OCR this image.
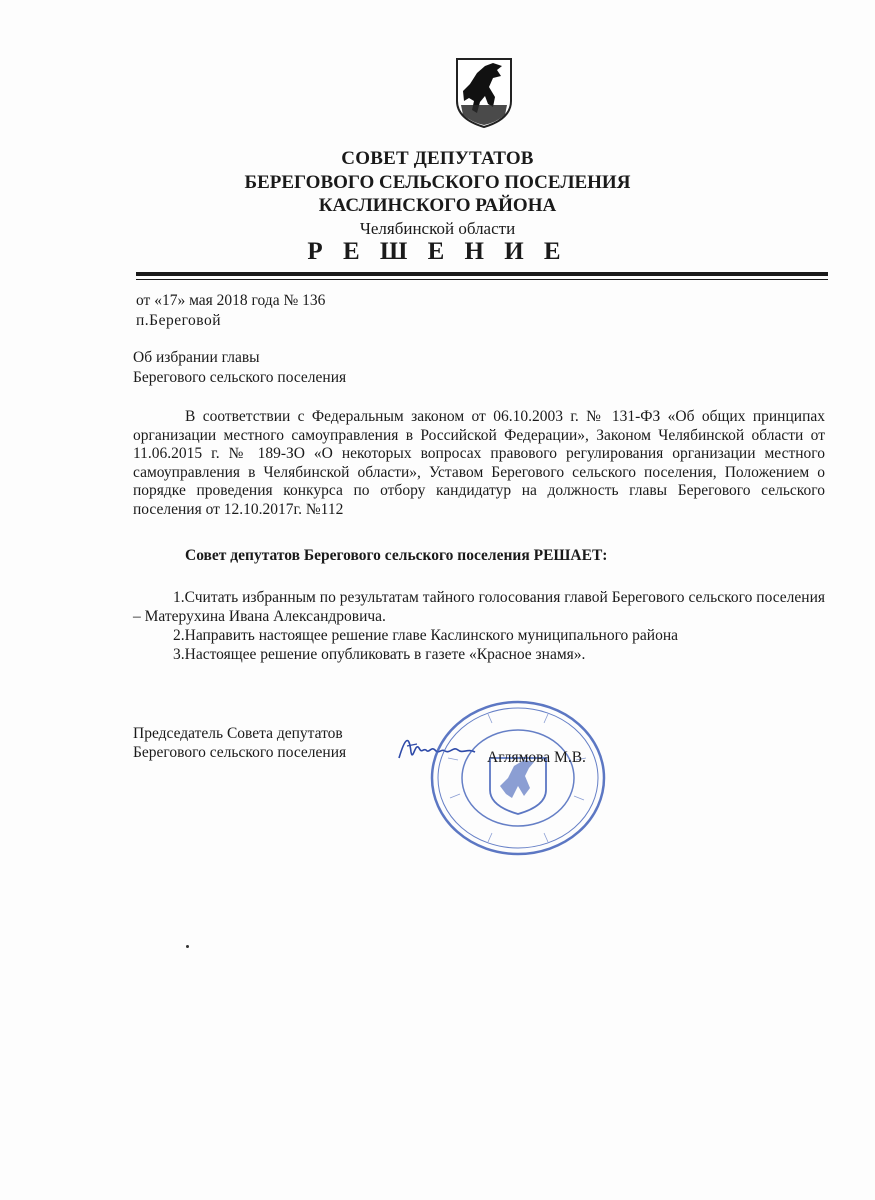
СОВЕТ ДЕПУТАТОВ
БЕРЕГОВОГО СЕЛЬСКОГО ПОСЕЛЕНИЯ
КАСЛИНСКОГО РАЙОНА
Челябинской области
Р Е Ш Е Н И Е
от «17» мая 2018 года № 136
п.Береговой
Об избрании главы
Берегового сельского поселения
В соответствии с Федеральным законом от 06.10.2003 г. № 131-ФЗ «Об общих принципах организации местного самоуправления в Российской Федерации», Законом Челябинской области от 11.06.2015 г. № 189-ЗО «О некоторых вопросах правового регулирования организации местного самоуправления в Челябинской области», Уставом Берегового сельского поселения, Положением о порядке проведения конкурса по отбору кандидатур на должность главы Берегового сельского поселения от 12.10.2017г. №112
Совет депутатов Берегового сельского поселения РЕШАЕТ:

1.Считать избранным по результатам тайного голосования главой Берегового сельского поселения – Матерухина Ивана Александровича.

2.Направить настоящее решение главе Каслинского муниципального района

3.Настоящее решение опубликовать в газете «Красное знамя».

Председатель Совета депутатов
Берегового сельского поселения	Аглямова М.В.
